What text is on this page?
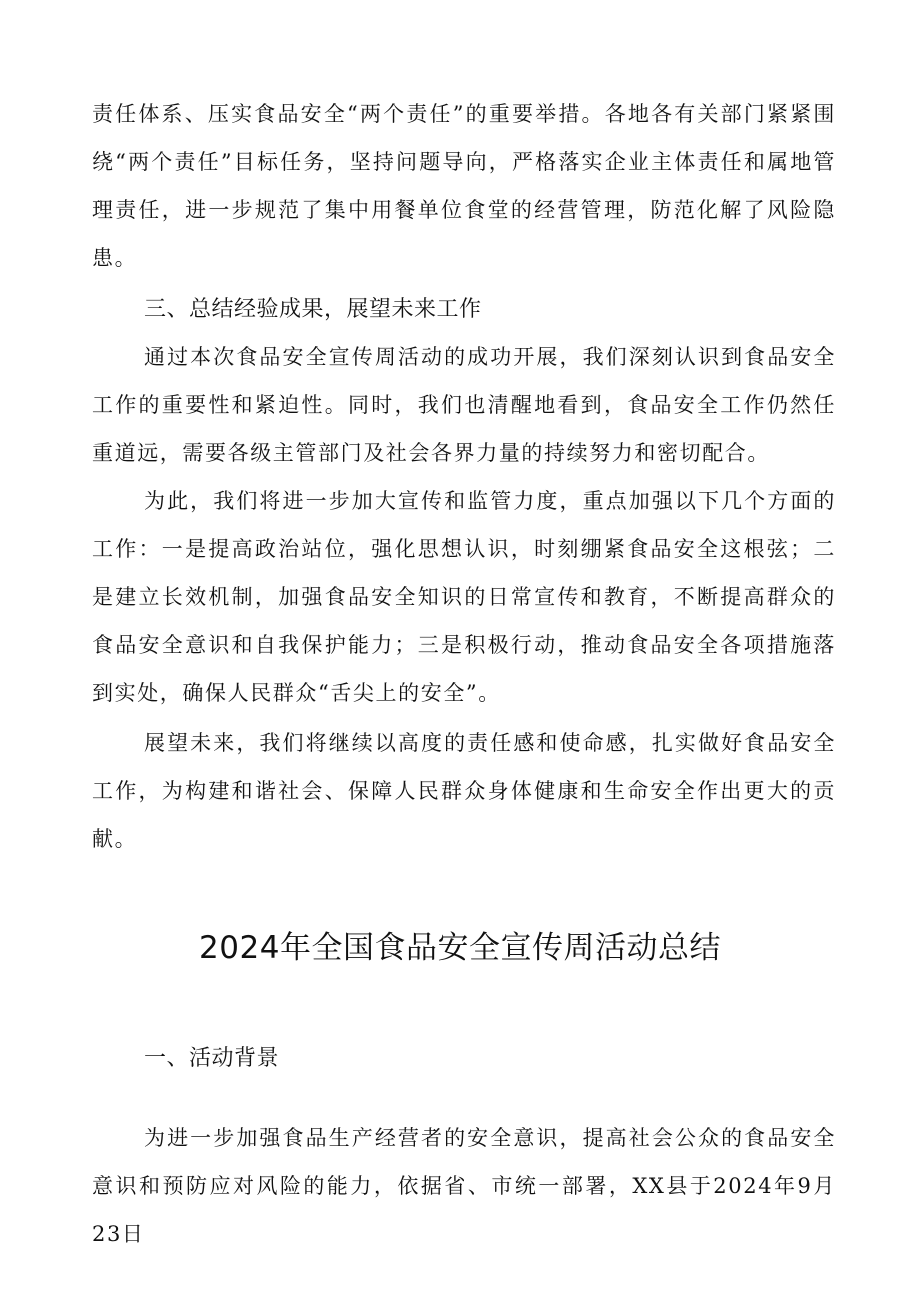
责任体系、压实食品安全“两个责任”的重要举措。各地各有关部门紧紧围绕“两个责任”目标任务，坚持问题导向，严格落实企业主体责任和属地管理责任，进一步规范了集中用餐单位食堂的经营管理，防范化解了风险隐患。

三、总结经验成果，展望未来工作

通过本次食品安全宣传周活动的成功开展，我们深刻认识到食品安全工作的重要性和紧迫性。同时，我们也清醒地看到，食品安全工作仍然任重道远，需要各级主管部门及社会各界力量的持续努力和密切配合。

为此，我们将进一步加大宣传和监管力度，重点加强以下几个方面的工作：一是提高政治站位，强化思想认识，时刻绷紧食品安全这根弦；二是建立长效机制，加强食品安全知识的日常宣传和教育，不断提高群众的食品安全意识和自我保护能力；三是积极行动，推动食品安全各项措施落到实处，确保人民群众“舌尖上的安全”。

展望未来，我们将继续以高度的责任感和使命感，扎实做好食品安全工作，为构建和谐社会、保障人民群众身体健康和生命安全作出更大的贡献。

2024年全国食品安全宣传周活动总结
一、活动背景

为进一步加强食品生产经营者的安全意识，提高社会公众的食品安全意识和预防应对风险的能力，依据省、市统一部署，XX县于2024年9月23日
